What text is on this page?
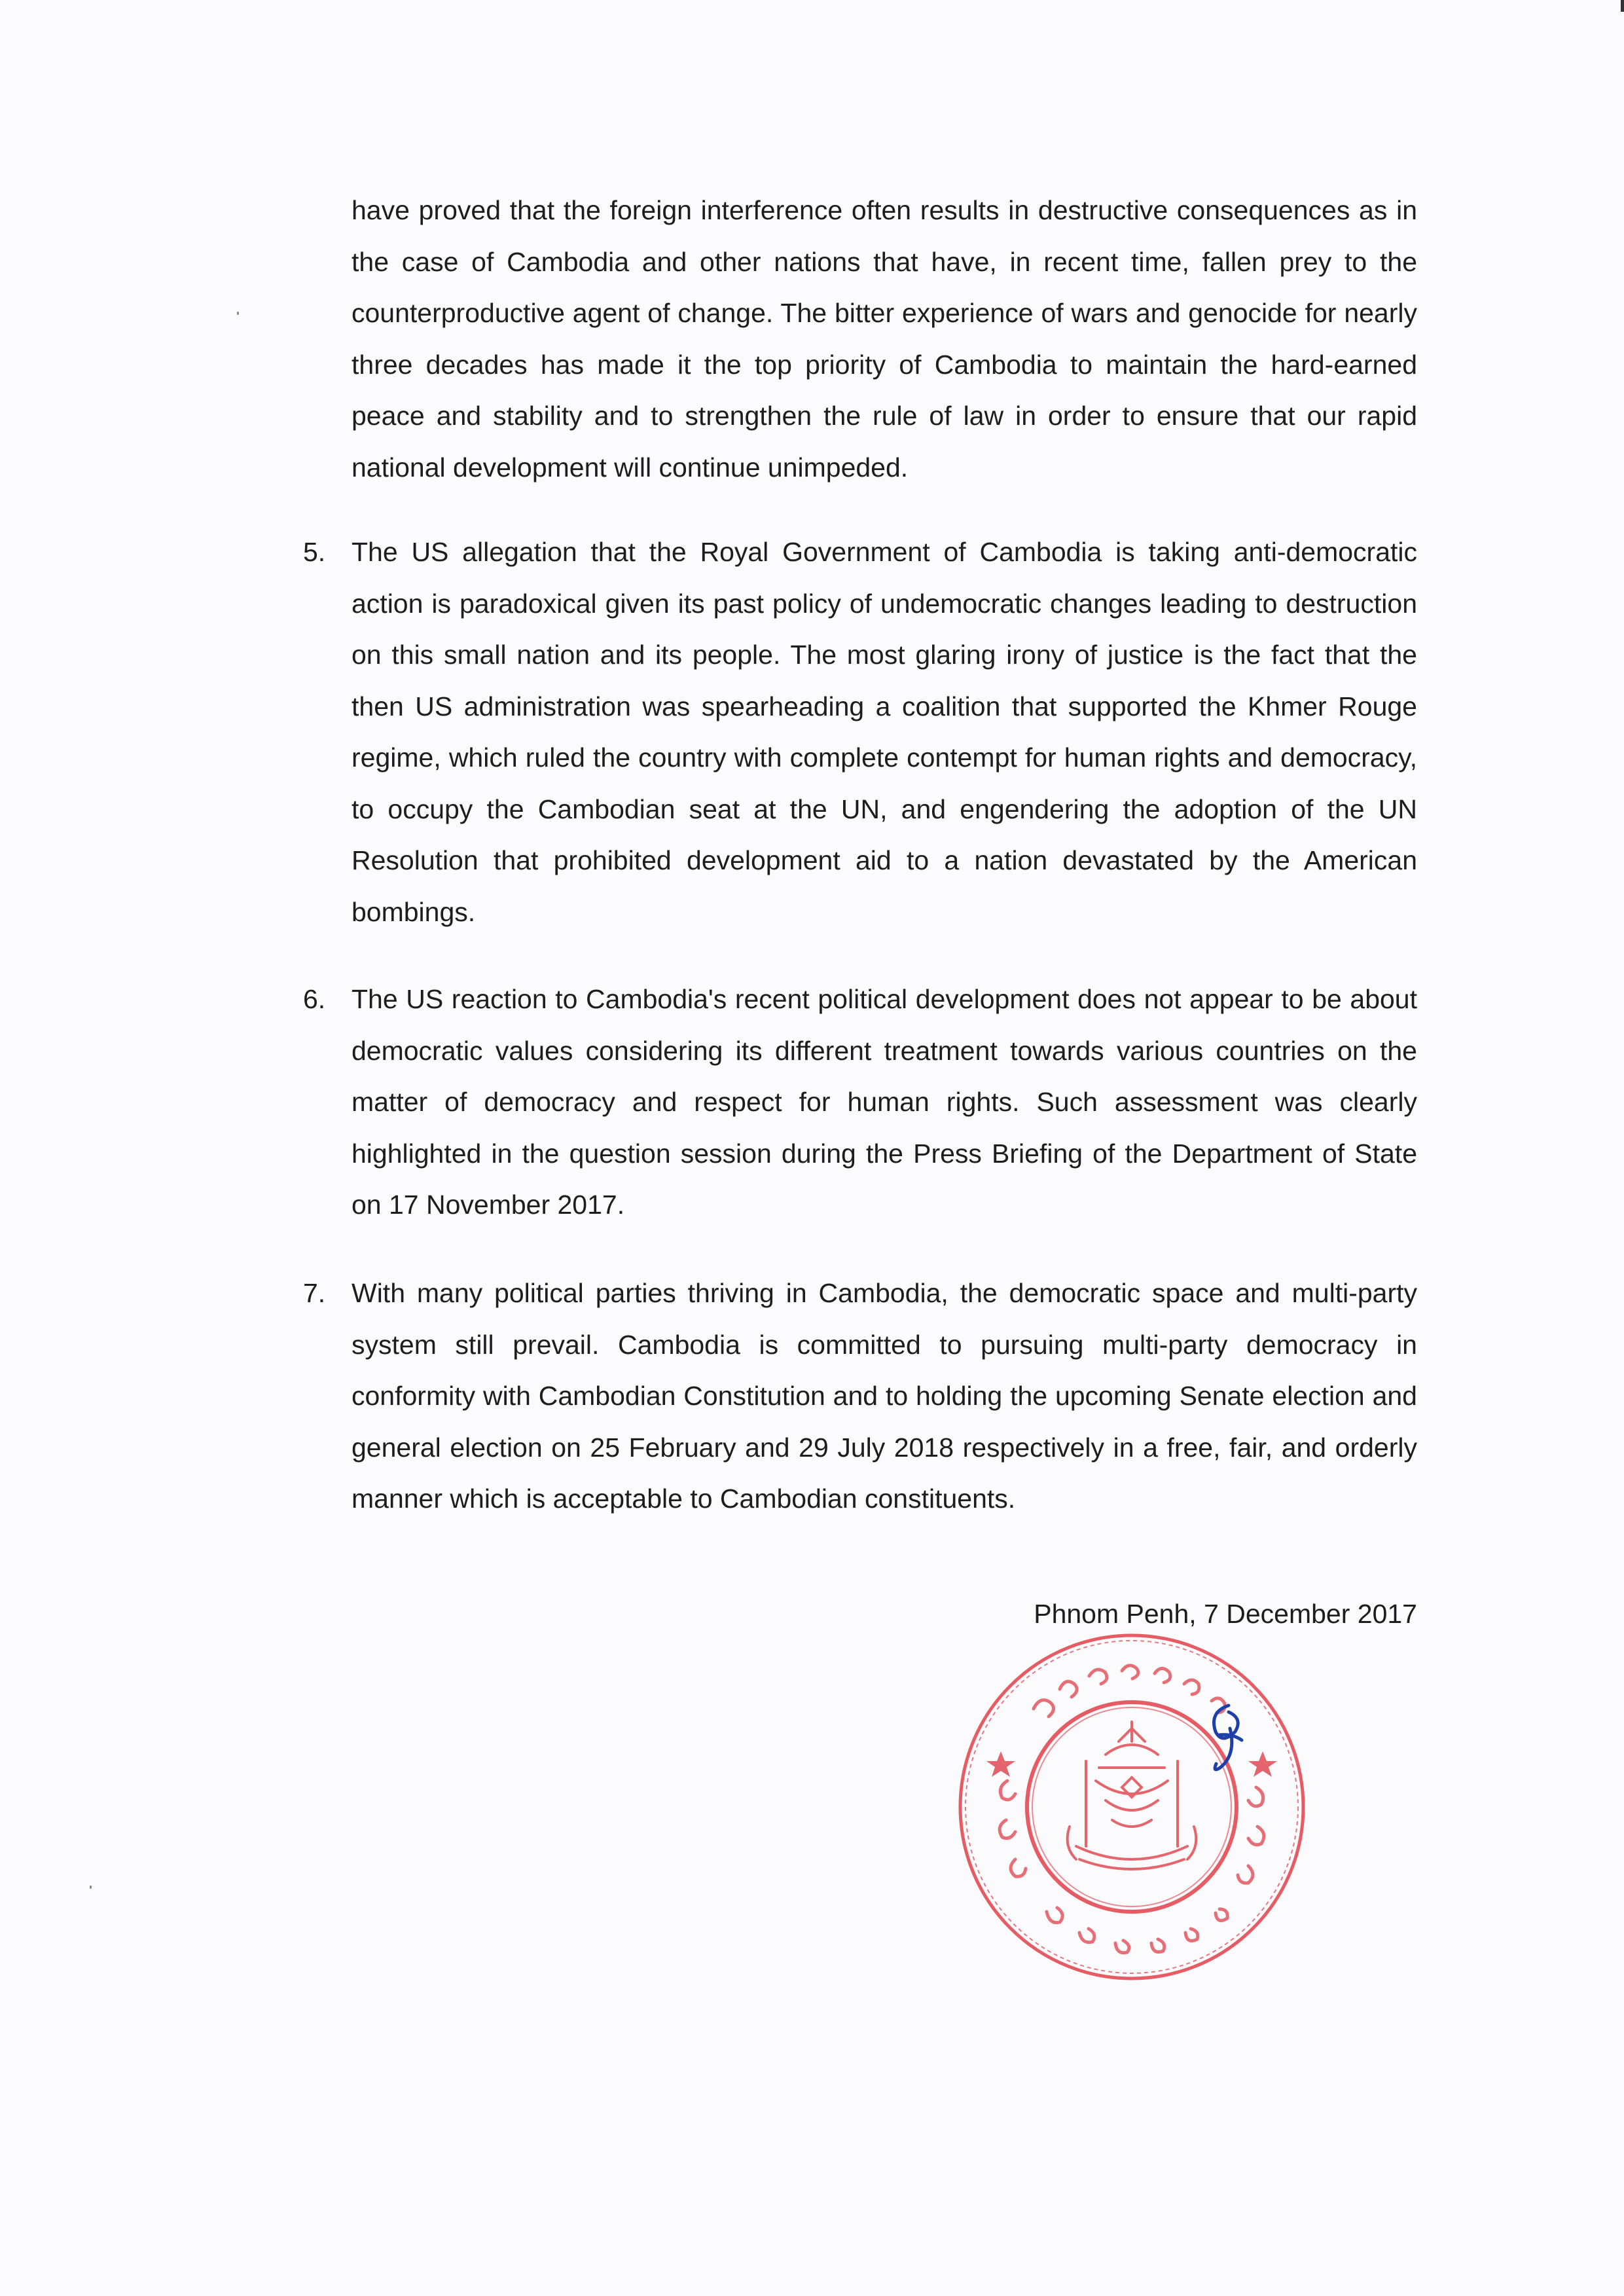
have proved that the foreign interference often results in destructive consequences as in the case of Cambodia and other nations that have, in recent time, fallen prey to the counterproductive agent of change. The bitter experience of wars and genocide for nearly three decades has made it the top priority of Cambodia to maintain the hard-earned peace and stability and to strengthen the rule of law in order to ensure that our rapid national development will continue unimpeded.

5. The US allegation that the Royal Government of Cambodia is taking anti-democratic action is paradoxical given its past policy of undemocratic changes leading to destruction on this small nation and its people. The most glaring irony of justice is the fact that the then US administration was spearheading a coalition that supported the Khmer Rouge regime, which ruled the country with complete contempt for human rights and democracy, to occupy the Cambodian seat at the UN, and engendering the adoption of the UN Resolution that prohibited development aid to a nation devastated by the American bombings.

6. The US reaction to Cambodia's recent political development does not appear to be about democratic values considering its different treatment towards various countries on the matter of democracy and respect for human rights. Such assessment was clearly highlighted in the question session during the Press Briefing of the Department of State on 17 November 2017.

7. With many political parties thriving in Cambodia, the democratic space and multi-party system still prevail. Cambodia is committed to pursuing multi-party democracy in conformity with Cambodian Constitution and to holding the upcoming Senate election and general election on 25 February and 29 July 2018 respectively in a free, fair, and orderly manner which is acceptable to Cambodian constituents.

Phnom Penh, 7 December 2017
